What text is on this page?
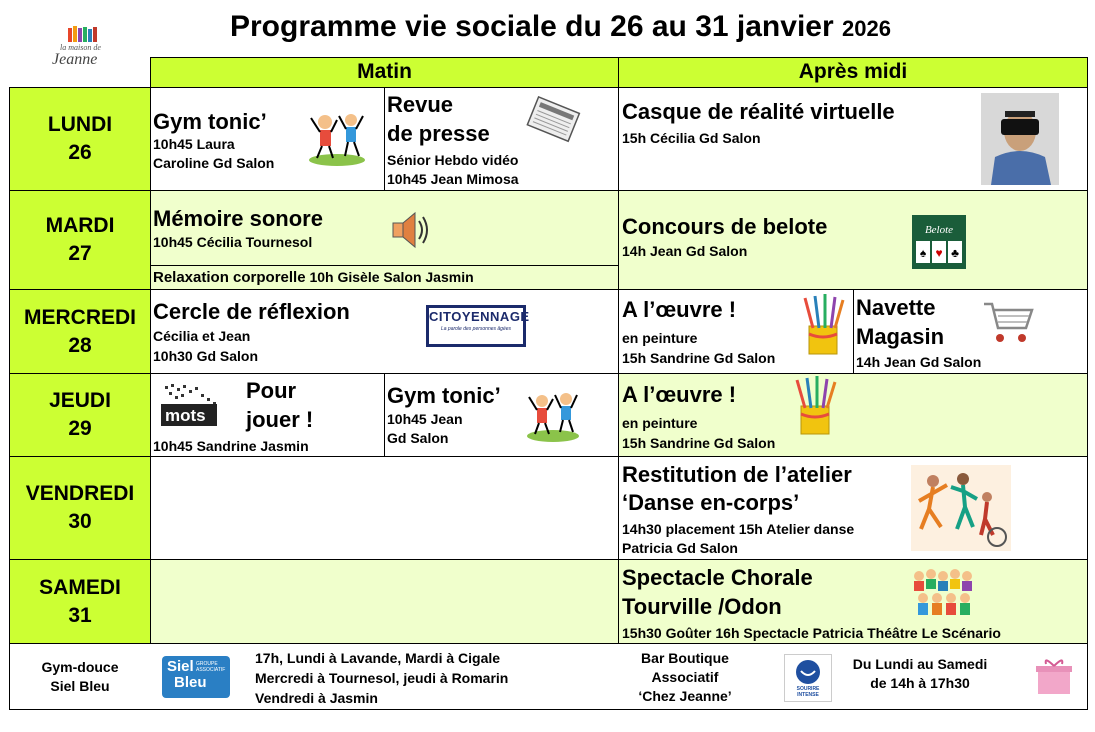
Programme vie sociale du 26 au 31 janvier 2026
la maison de
Jeanne
Matin	Après midi
LUNDI
26
MARDI
27
MERCREDI
28
JEUDI
29
VENDREDI
30
SAMEDI
31
Gym tonic’
10h45 Laura
Caroline Gd Salon
Revue
de presse
Sénior Hebdo vidéo
10h45 Jean Mimosa
Casque de réalité virtuelle
15h Cécilia Gd Salon
Mémoire sonore
10h45 Cécilia Tournesol
Relaxation corporelle 10h Gisèle Salon Jasmin
Concours de belote
14h Jean Gd Salon
Belote
♠ ♥ ♣
Cercle de réflexion
Cécilia et Jean
10h30 Gd Salon
CITOYENNAGE
La parole des personnes âgées
A l’œuvre !
en peinture
15h Sandrine Gd Salon
Navette
Magasin
14h Jean Gd Salon
mots
Pour
jouer !
10h45 Sandrine Jasmin
Gym tonic’
10h45 Jean
Gd Salon
A l’œuvre !
en peinture
15h Sandrine Gd Salon
Restitution de l’atelier
‘Danse en-corps’
14h30 placement 15h Atelier danse
Patricia Gd Salon
Spectacle Chorale
Tourville /Odon
15h30 Goûter 16h Spectacle Patricia Théâtre Le Scénario
Gym-douce
Siel Bleu
Siel
Bleu
GROUPE ASSOCIATIF
17h, Lundi à Lavande, Mardi à Cigale
Mercredi à Tournesol, jeudi à Romarin
Vendredi à Jasmin
Bar Boutique
Associatif
‘Chez Jeanne’	SOURIRE
INTENSE
Du Lundi au Samedi
de 14h à 17h30
